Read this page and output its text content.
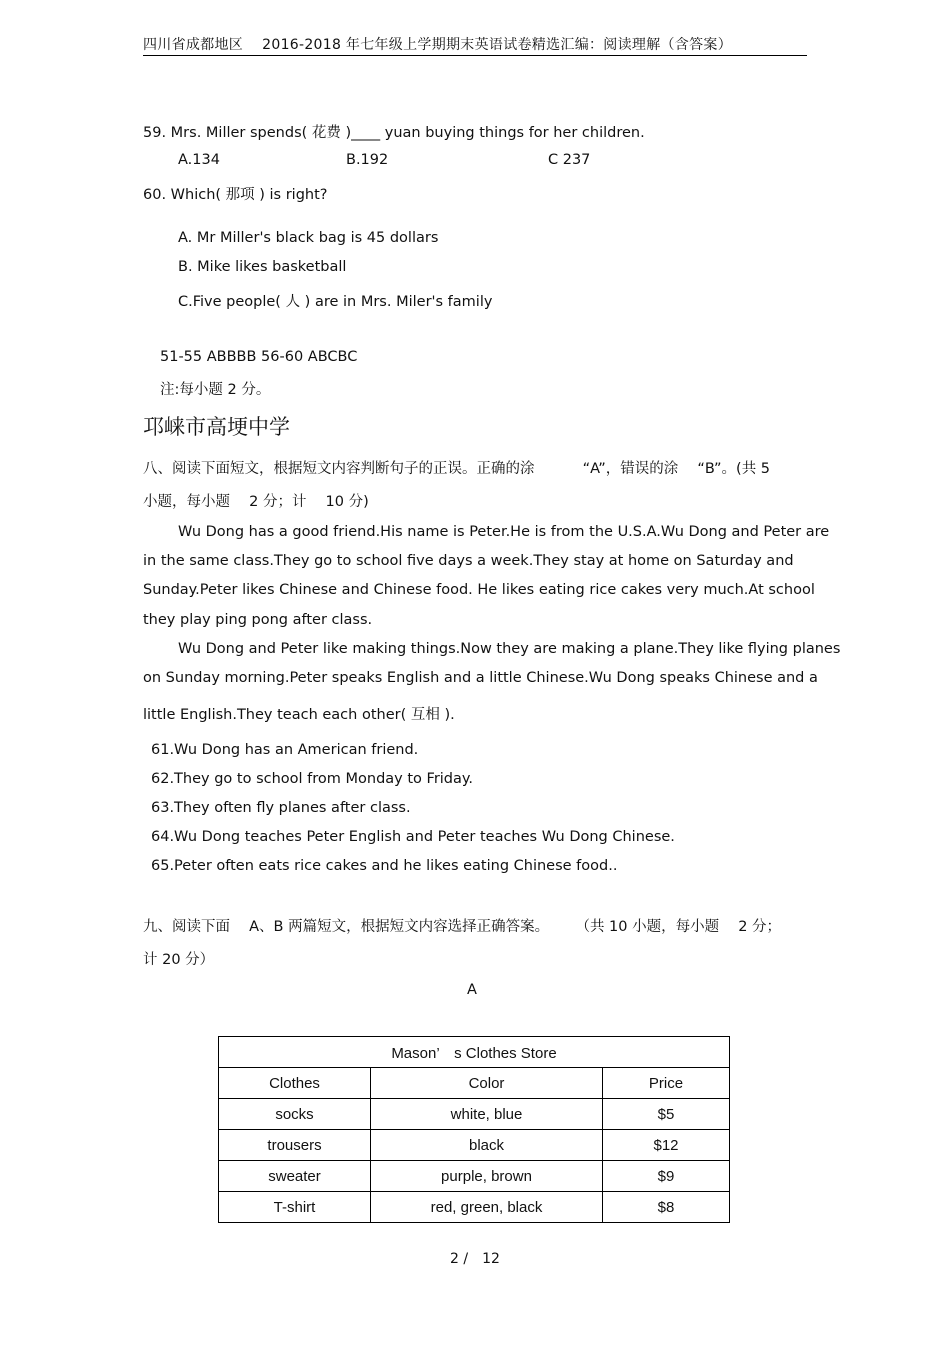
四川省成都地区 　2016-2018 年七年级上学期期末英语试卷精选汇编：阅读理解（含答案）
59. Mrs. Miller spends( 花费 )____ yuan buying things for her children.
A.134	B.192	C 237
60. Which( 那项 ) is right?
A. Mr Miller's black bag is 45 dollars
B. Mike likes basketball
C.Five people( 人 ) are in Mrs. Miler's family
51-55 ABBBB 56-60 ABCBC
注:每小题 2 分。
邛崃市高埂中学
八、阅读下面短文，根据短文内容判断句子的正误。正确的涂 　　　“A”，错误的涂 　“B”。(共 5
小题，每小题 　2 分；计 　10 分)
Wu Dong has a good friend.His name is Peter.He is from the U.S.A.Wu Dong and Peter are
in the same class.They go to school five days a week.They stay at home on Saturday and
Sunday.Peter likes Chinese and Chinese food. He likes eating rice cakes very much.At school
they play ping pong after class.
Wu Dong and Peter like making things.Now they are making a plane.They like flying planes
on Sunday morning.Peter speaks English and a little Chinese.Wu Dong speaks Chinese and a
little English.They teach each other( 互相 ).
61.Wu Dong has an American friend.
62.They go to school from Monday to Friday.
63.They often fly planes after class.
64.Wu Dong teaches Peter English and Peter teaches Wu Dong Chinese.
65.Peter often eats rice cakes and he likes eating Chinese food..
九、阅读下面 　A、B 两篇短文，根据短文内容选择正确答案。 　　（共 10 小题，每小题 　2 分；
计 20 分）
A
Mason’　s Clothes Store		
Clothes	Color	Price
socks	white, blue	$5
trousers	black	$12
sweater	purple, brown	$9
T-shirt	red, green, black	$8
2 /　12
